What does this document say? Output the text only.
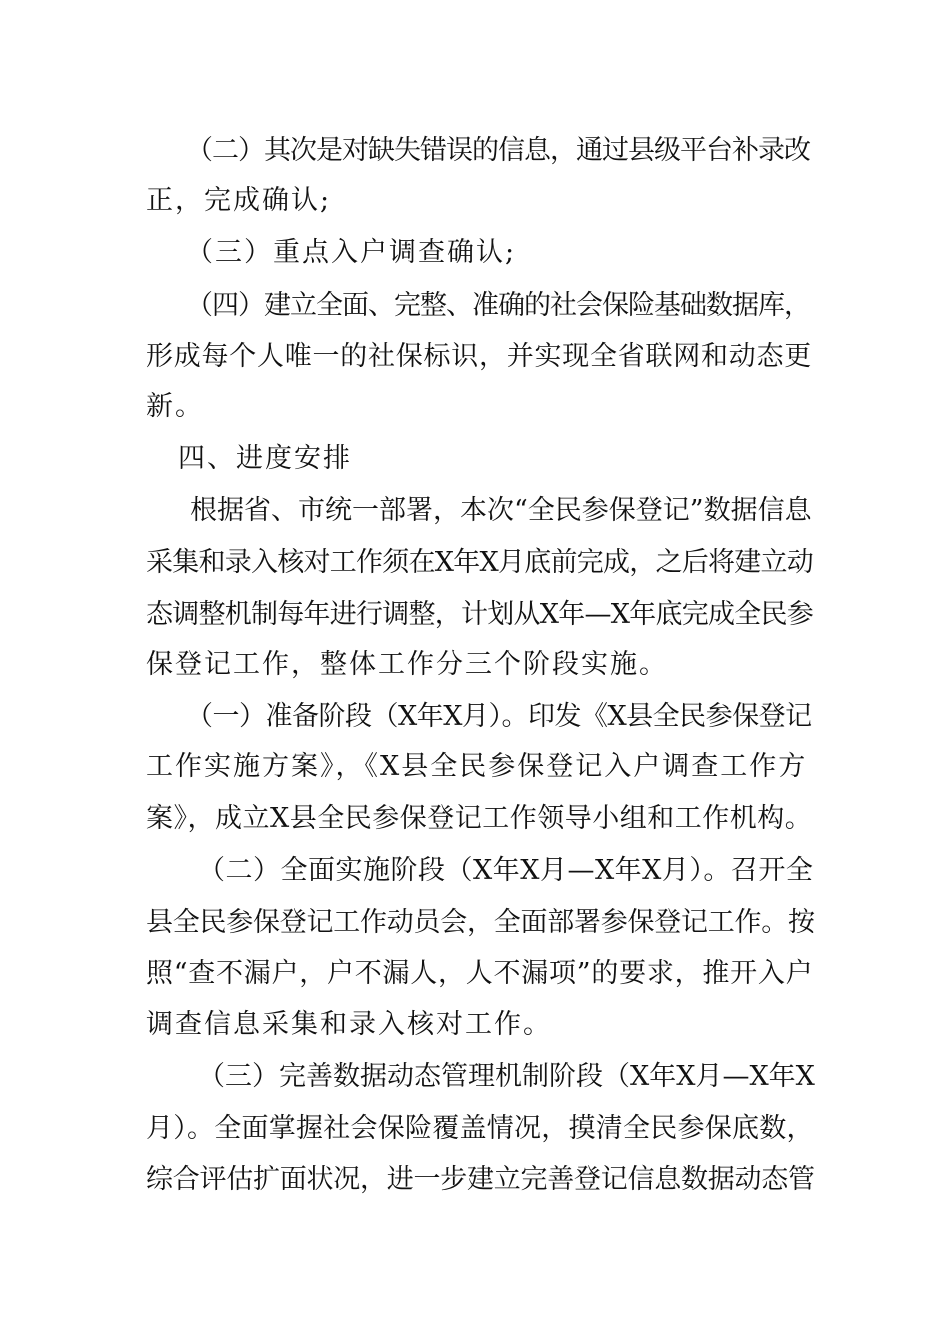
（二）其次是对缺失错误的信息，通过县级平台补录改
正，完成确认;
（三）重点入户调查确认;
（四）建立全面、完整、准确的社会保险基础数据库，
形成每个人唯一的社保标识，并实现全省联网和动态更
新。
四、进度安排
根据省、市统一部署，本次“全民参保登记”数据信息
采集和录入核对工作须在X年X月底前完成，之后将建立动
态调整机制每年进行调整，计划从X年—X年底完成全民参
保登记工作，整体工作分三个阶段实施。
（一）准备阶段（X年X月）。印发《X县全民参保登记
工作实施方案》，《X县全民参保登记入户调查工作方
案》，成立X县全民参保登记工作领导小组和工作机构。
（二）全面实施阶段（X年X月—X年X月）。召开全
县全民参保登记工作动员会，全面部署参保登记工作。按
照“查不漏户，户不漏人，人不漏项”的要求，推开入户
调查信息采集和录入核对工作。
（三）完善数据动态管理机制阶段（X年X月—X年X
月）。全面掌握社会保险覆盖情况，摸清全民参保底数，
综合评估扩面状况，进一步建立完善登记信息数据动态管
